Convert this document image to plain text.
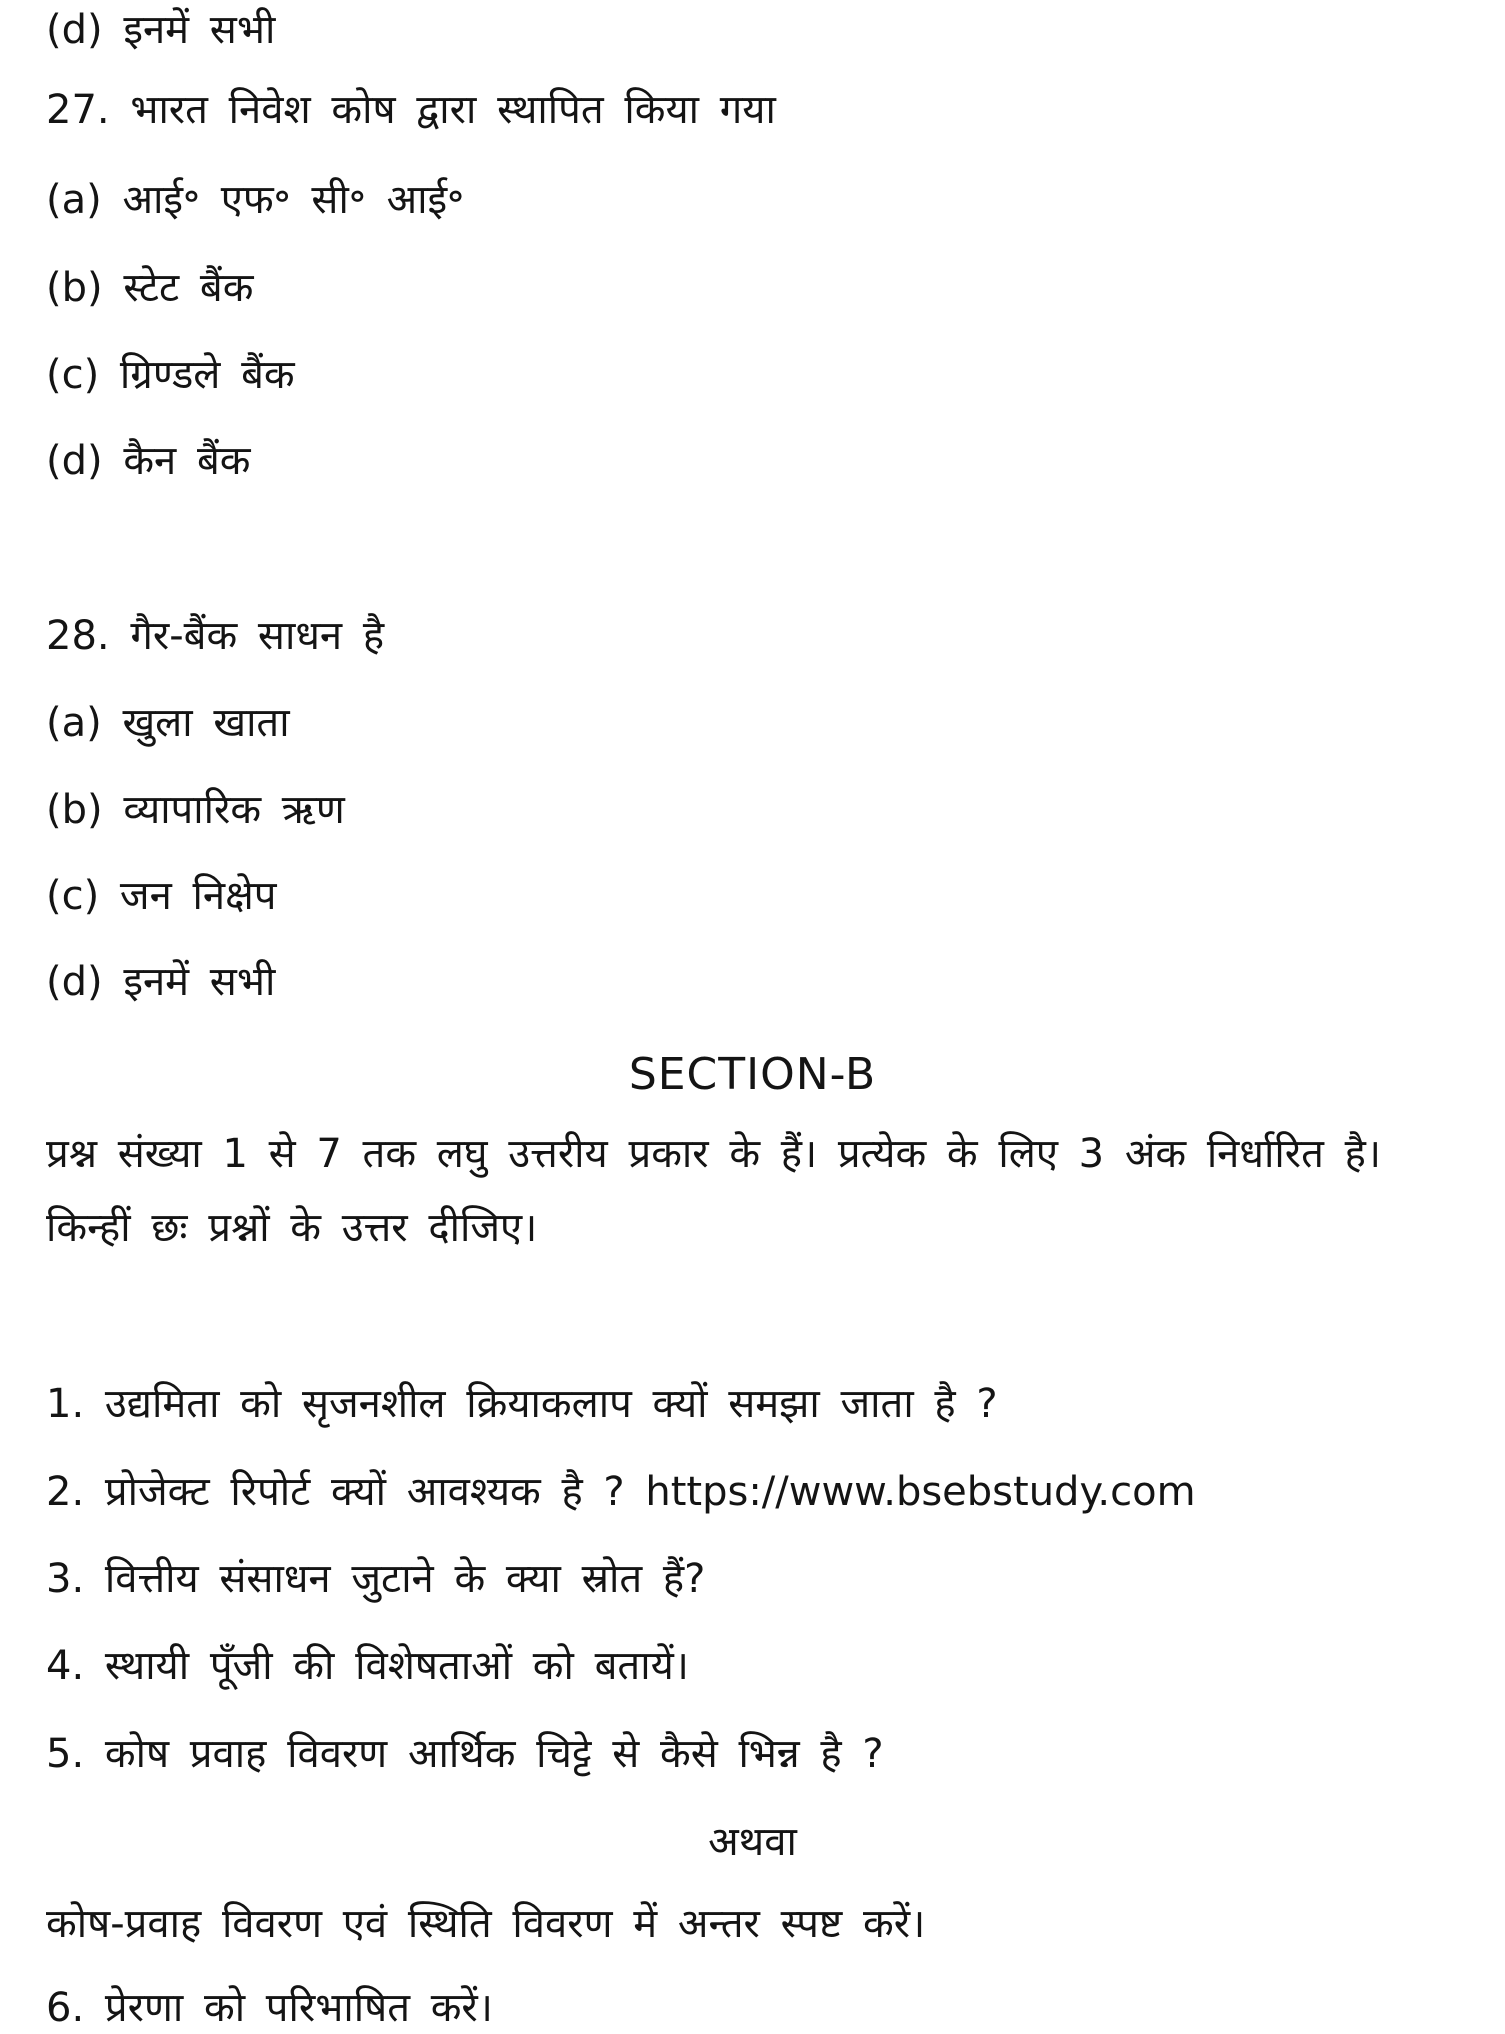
(d) इनमें सभी
27. भारत निवेश कोष द्वारा स्थापित किया गया
(a) आई॰ एफ॰ सी॰ आई॰
(b) स्टेट बैंक
(c) ग्रिण्डले बैंक
(d) कैन बैंक
28. गैर-बैंक साधन है
(a) खुला खाता
(b) व्यापारिक ऋण
(c) जन निक्षेप
(d) इनमें सभी
SECTION-B
प्रश्न संख्या 1 से 7 तक लघु उत्तरीय प्रकार के हैं। प्रत्येक के लिए 3 अंक निर्धारित है।
किन्हीं छः प्रश्नों के उत्तर दीजिए।
1. उद्यमिता को सृजनशील क्रियाकलाप क्यों समझा जाता है ?
2. प्रोजेक्ट रिपोर्ट क्यों आवश्यक है ? https://www.bsebstudy.com
3. वित्तीय संसाधन जुटाने के क्या स्रोत हैं?
4. स्थायी पूँजी की विशेषताओं को बतायें।
5. कोष प्रवाह विवरण आर्थिक चिट्टे से कैसे भिन्न है ?
अथवा
कोष-प्रवाह विवरण एवं स्थिति विवरण में अन्तर स्पष्ट करें।
6. प्रेरणा को परिभाषित करें।
